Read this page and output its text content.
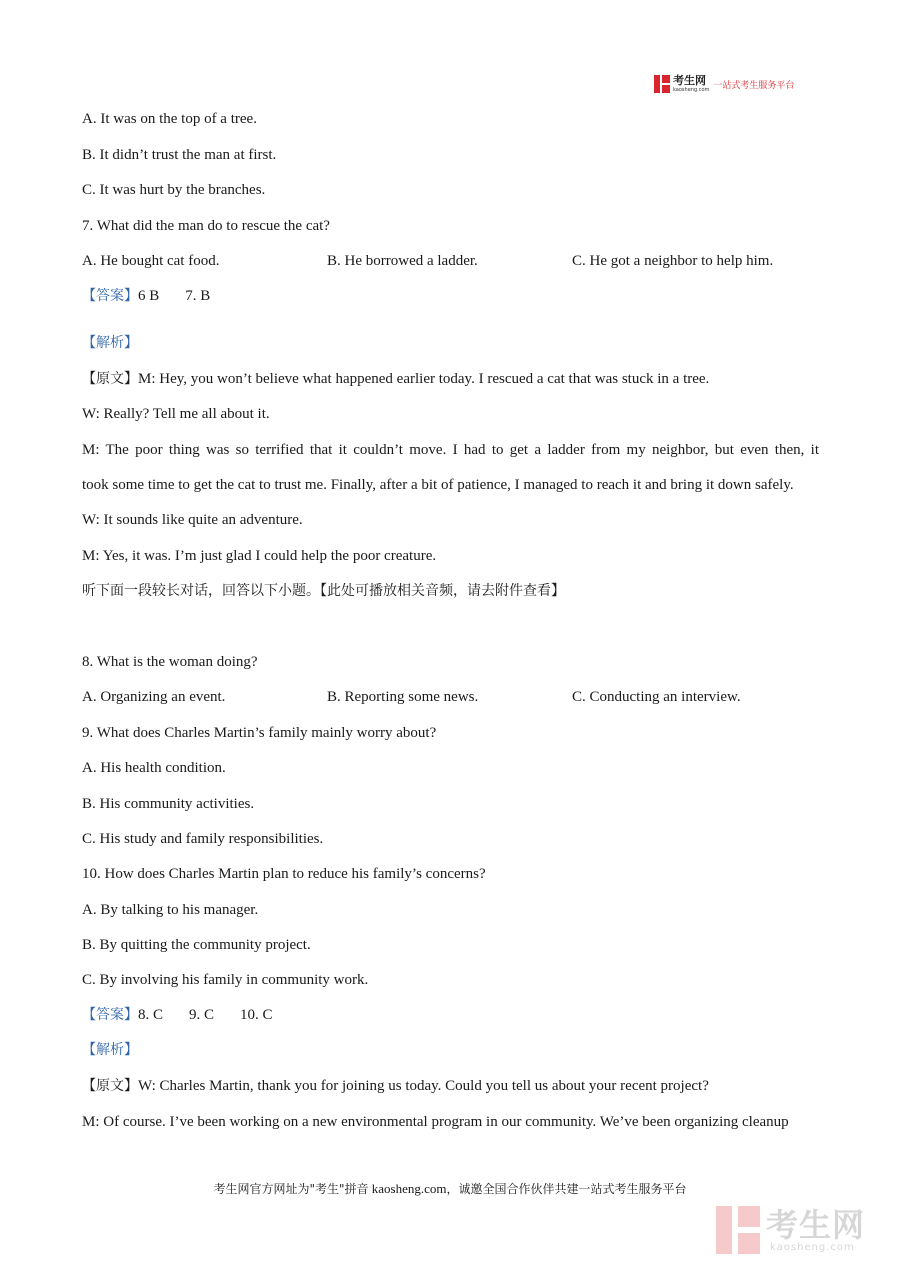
考生网
kaosheng.com 一站式考生服务平台
A. It was on the top of a tree.
B. It didn’t trust the man at first.
C. It was hurt by the branches.
7. What did the man do to rescue the cat?
A. He bought cat food.	B. He borrowed a ladder.	C. He got a neighbor to help him.
【答案】6 B 7. B
【解析】
【原文】M: Hey, you won’t believe what happened earlier today. I rescued a cat that was stuck in a tree.
W: Really? Tell me all about it.
M: The poor thing was so terrified that it couldn’t move. I had to get a ladder from my neighbor, but even then, it
took some time to get the cat to trust me. Finally, after a bit of patience, I managed to reach it and bring it down safely.
W: It sounds like quite an adventure.
M: Yes, it was. I’m just glad I could help the poor creature.
听下面一段较长对话，回答以下小题。【此处可播放相关音频，请去附件查看】
8. What is the woman doing?
A. Organizing an event.	B. Reporting some news.	C. Conducting an interview.
9. What does Charles Martin’s family mainly worry about?
A. His health condition.
B. His community activities.
C. His study and family responsibilities.
10. How does Charles Martin plan to reduce his family’s concerns?
A. By talking to his manager.
B. By quitting the community project.
C. By involving his family in community work.
【答案】8. C 9. C 10. C
【解析】
【原文】W: Charles Martin, thank you for joining us today. Could you tell us about your recent project?
M: Of course. I’ve been working on a new environmental program in our community. We’ve been organizing cleanup
考生网官方网址为"考生"拼音 kaosheng.com，诚邀全国合作伙伴共建一站式考生服务平台
考生网
kaosheng.com
